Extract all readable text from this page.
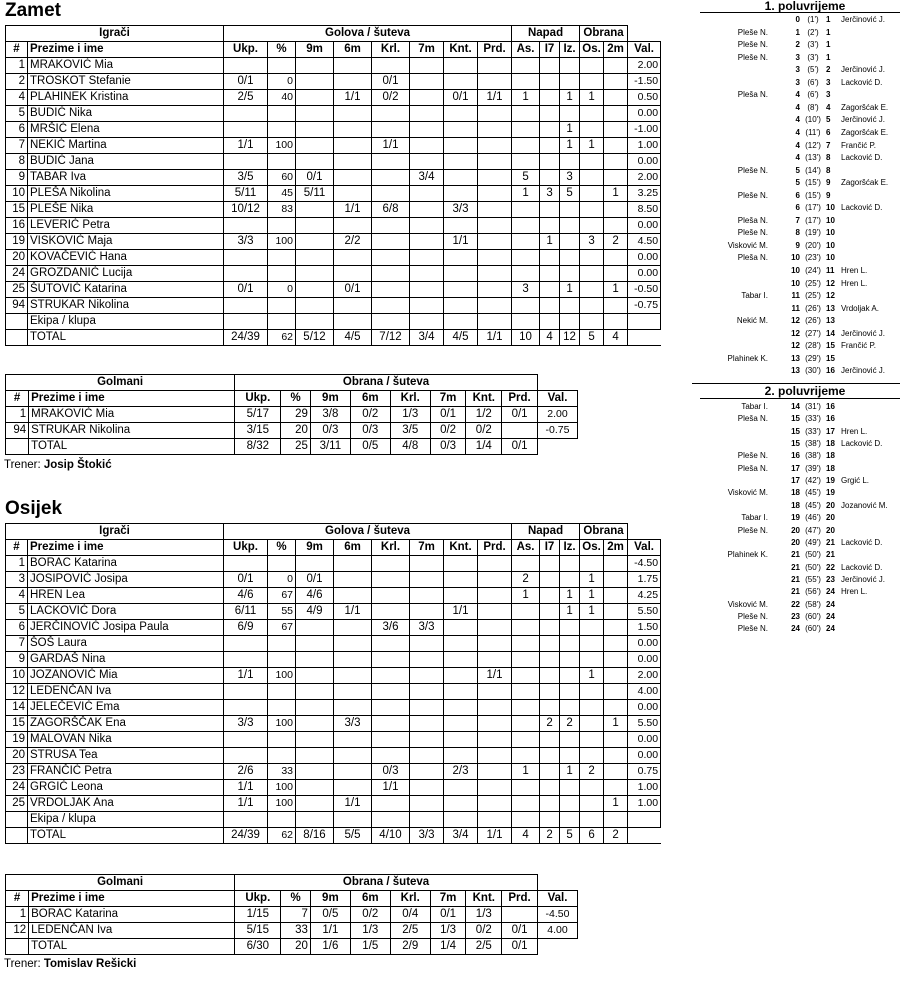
Zamet
Igrači		Golova / šuteva								Napad			Obrana		
#	Prezime i ime	Ukp.	%	9m	6m	Krl.	7m	Knt.	Prd.	As.	I7	Iz.	Os.	2m	Val.
1	MRAKOVIĆ Mia														2.00
2	TROSKOT Stefanie	0/1	0			0/1									-1.50
4	PLAHINEK Kristina	2/5	40		1/1	0/2		0/1	1/1	1		1	1		0.50
5	BUDIĆ Nika														0.00
6	MRŠIĆ Elena											1			-1.00
7	NEKIĆ Martina	1/1	100			1/1						1	1		1.00
8	BUDIĆ Jana														0.00
9	TABAR Iva	3/5	60	0/1			3/4			5		3			2.00
10	PLEŠA Nikolina	5/11	45	5/11						1	3	5		1	3.25
15	PLEŠE Nika	10/12	83		1/1	6/8		3/3							8.50
16	LEVERIĆ Petra														0.00
19	VISKOVIĆ Maja	3/3	100		2/2			1/1			1		3	2	4.50
20	KOVAČEVIĆ Hana														0.00
24	GROZDANIĆ Lucija														0.00
25	ŠUTOVIĆ Katarina	0/1	0		0/1					3		1		1	-0.50
94	STRUKAR Nikolina														-0.75
	Ekipa / klupa														
	TOTAL	24/39	62	5/12	4/5	7/12	3/4	4/5	1/1	10	4	12	5	4	
Golmani		Obrana / šuteva								
#	Prezime i ime	Ukp.	%	9m	6m	Krl.	7m	Knt.	Prd.	Val.
1	MRAKOVIĆ Mia	5/17	29	3/8	0/2	1/3	0/1	1/2	0/1	2.00
94	STRUKAR Nikolina	3/15	20	0/3	0/3	3/5	0/2	0/2		-0.75
	TOTAL	8/32	25	3/11	0/5	4/8	0/3	1/4	0/1	
Trener: Josip Štokić
Osijek
Igrači		Golova / šuteva								Napad			Obrana		
#	Prezime i ime	Ukp.	%	9m	6m	Krl.	7m	Knt.	Prd.	As.	I7	Iz.	Os.	2m	Val.
1	BORAC Katarina														-4.50
3	JOSIPOVIĆ Josipa	0/1	0	0/1						2			1		1.75
4	HREN Lea	4/6	67	4/6						1		1	1		4.25
5	LACKOVIĆ Dora	6/11	55	4/9	1/1			1/1				1	1		5.50
6	JERČINOVIĆ Josipa Paula	6/9	67			3/6	3/3								1.50
7	ŠOŠ Laura														0.00
9	GARDAŠ Nina														0.00
10	JOZANOVIĆ Mia	1/1	100						1/1				1		2.00
12	LEDENČAN Iva														4.00
14	JELEČEVIĆ Ema														0.00
15	ZAGORŠČAK Ena	3/3	100		3/3						2	2		1	5.50
19	MALOVAN Nika														0.00
20	STRUSA Tea														0.00
23	FRANČIĆ Petra	2/6	33			0/3		2/3		1		1	2		0.75
24	GRGIĆ Leona	1/1	100			1/1									1.00
25	VRDOLJAK Ana	1/1	100		1/1									1	1.00
	Ekipa / klupa														
	TOTAL	24/39	62	8/16	5/5	4/10	3/3	3/4	1/1	4	2	5	6	2	
Golmani		Obrana / šuteva								
#	Prezime i ime	Ukp.	%	9m	6m	Krl.	7m	Knt.	Prd.	Val.
1	BORAC Katarina	1/15	7	0/5	0/2	0/4	0/1	1/3		-4.50
12	LEDENČAN Iva	5/15	33	1/1	1/3	2/5	1/3	0/2	0/1	4.00
	TOTAL	6/30	20	1/6	1/5	2/9	1/4	2/5	0/1	
Trener: Tomislav Rešicki
1. poluvrijeme
0 (1') 1	Jerčinović J.
Pleše N.	1 (2') 1
Pleše N.	2 (3') 1
Pleše N.	3 (3') 1
3 (5') 2	Jerčinović J.
3 (6') 3	Lacković D.
Pleša N.	4 (6') 3
4 (8') 4	Zagoršćak E.
4 (10') 5	Jerčinović J.
4 (11') 6	Zagoršćak E.
4 (12') 7	Frančić P.
4 (13') 8	Lacković D.
Pleše N.	5 (14') 8
5 (15') 9	Zagoršćak E.
Pleše N.	6 (15') 9
6 (17') 10 Lacković D.
Pleša N.	7 (17') 10
Pleše N.	8 (19') 10
Visković M.	9 (20') 10
Pleša N.	10 (23') 10
10 (24') 11 Hren L.
10 (25') 12 Hren L.
Tabar I.	11 (25') 12
11 (26') 13 Vrdoljak A.
Nekić M.	12 (26') 13
12 (27') 14 Jerčinović J.
12 (28') 15 Frančić P.
Plahinek K.	13 (29') 15
13 (30') 16 Jerčinović J.
2. poluvrijeme
Tabar I.	14 (31') 16
Pleša N.	15 (33') 16
15 (33') 17 Hren L.
15 (38') 18 Lacković D.
Pleše N.	16 (38') 18
Pleša N.	17 (39') 18
17 (42') 19 Grgić L.
Visković M.	18 (45') 19
18 (45') 20 Jozanović M.
Tabar I.	19 (46') 20
Pleše N.	20 (47') 20
20 (49') 21 Lacković D.
Plahinek K.	21 (50') 21
21 (50') 22 Lacković D.
21 (55') 23 Jerčinović J.
21 (56') 24 Hren L.
Visković M.	22 (58') 24
Pleše N.	23 (60') 24
Pleše N.	24 (60') 24
